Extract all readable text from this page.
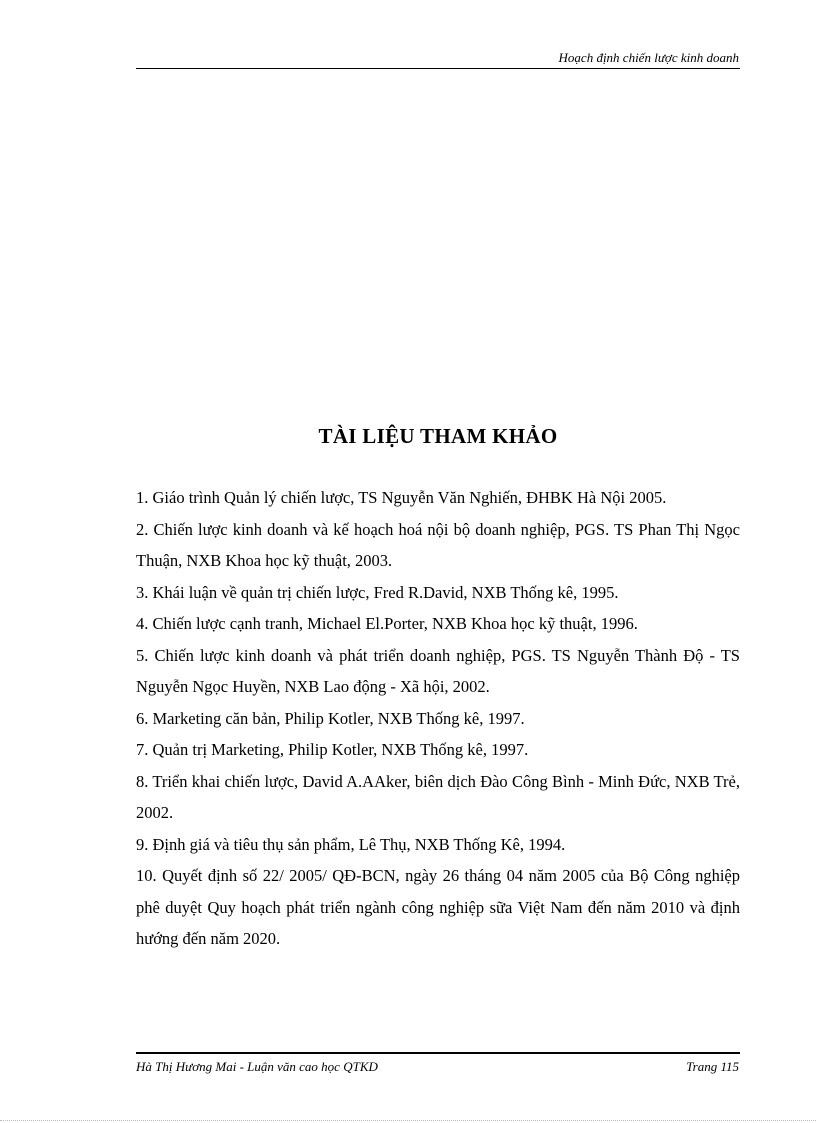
Hoạch định chiến lược kinh doanh
TÀI LIỆU THAM KHẢO
1. Giáo trình Quản lý chiến lược, TS Nguyễn Văn Nghiến, ĐHBK Hà Nội 2005.
2. Chiến lược kinh doanh và kế hoạch hoá nội bộ doanh nghiệp, PGS. TS Phan Thị Ngọc Thuận, NXB Khoa học kỹ thuật, 2003.
3. Khái luận về quản trị chiến lược, Fred R.David, NXB Thống kê, 1995.
4. Chiến lược cạnh tranh, Michael El.Porter, NXB Khoa học kỹ thuật, 1996.
5. Chiến lược kinh doanh và phát triển doanh nghiệp, PGS. TS Nguyễn Thành Độ - TS Nguyễn Ngọc Huyền, NXB Lao động - Xã hội, 2002.
6. Marketing căn bản, Philip Kotler, NXB Thống kê, 1997.
7. Quản trị Marketing, Philip Kotler, NXB Thống kê, 1997.
8. Triển khai chiến lược, David A.AAker, biên dịch Đào Công Bình - Minh Đức, NXB Trẻ, 2002.
9. Định giá và tiêu thụ sản phẩm, Lê Thụ, NXB Thống Kê, 1994.
10. Quyết định số 22/ 2005/ QĐ-BCN, ngày 26 tháng 04 năm 2005 của Bộ Công nghiệp phê duyệt Quy hoạch phát triển ngành công nghiệp sữa Việt Nam đến năm 2010 và định hướng đến năm 2020.
Hà Thị Hương Mai - Luận văn cao học QTKD	Trang 115
